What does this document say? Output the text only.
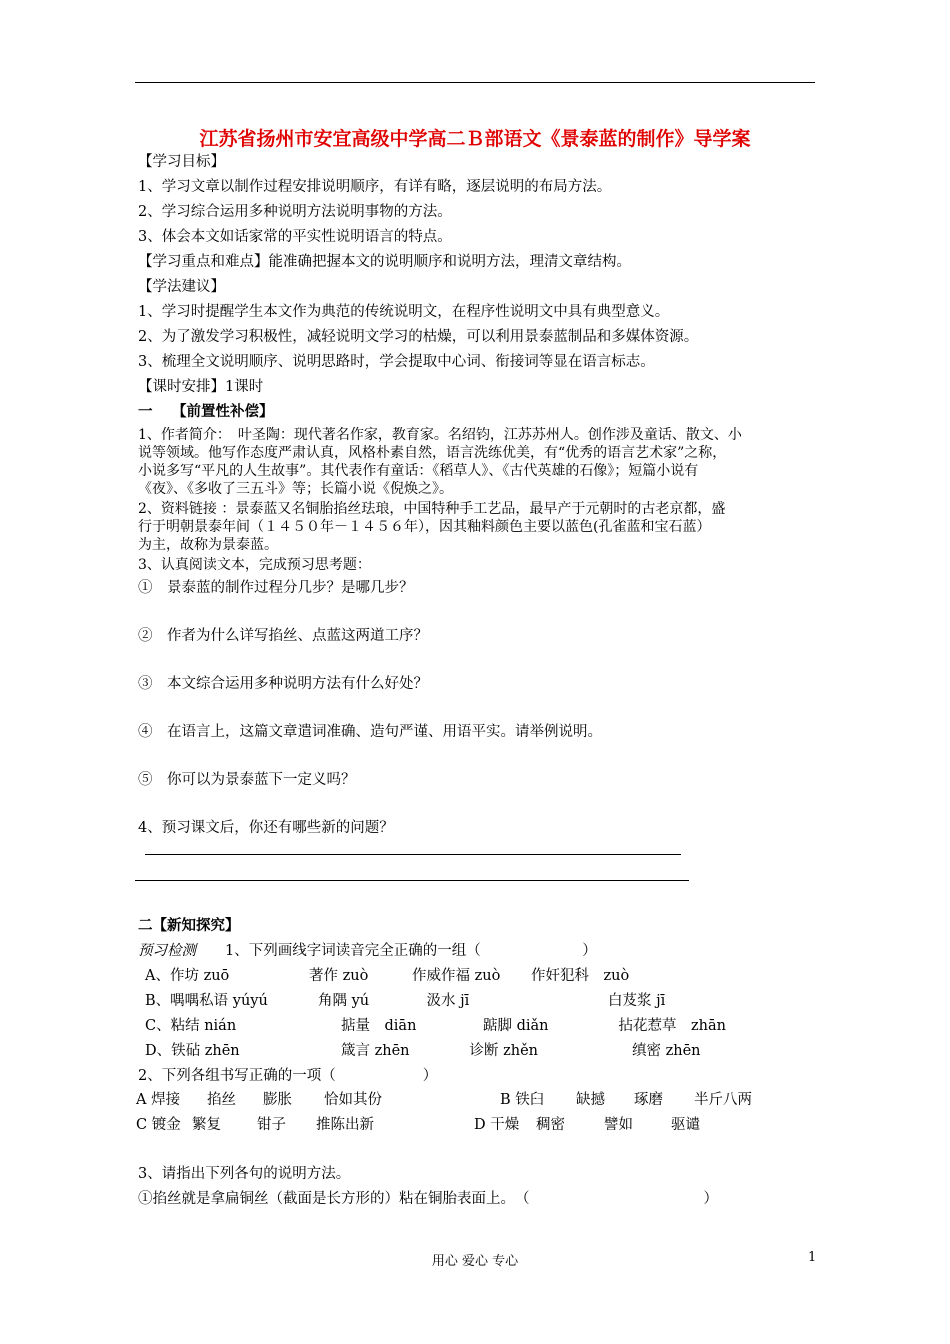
江苏省扬州市安宜高级中学高二Ｂ部语文《景泰蓝的制作》导学案
【学习目标】
1、学习文章以制作过程安排说明顺序，有详有略，逐层说明的布局方法。
2、学习综合运用多种说明方法说明事物的方法。
3、体会本文如话家常的平实性说明语言的特点。
【学习重点和难点】能准确把握本文的说明顺序和说明方法，理清文章结构。
【学法建议】
1、学习时提醒学生本文作为典范的传统说明文，在程序性说明文中具有典型意义。
2、为了激发学习积极性，减轻说明文学习的枯燥，可以利用景泰蓝制品和多媒体资源。
3、梳理全文说明顺序、说明思路时，学会提取中心词、衔接词等显在语言标志。
【课时安排】1课时
一　 【前置性补偿】
1、作者简介：　叶圣陶：现代著名作家，教育家。名绍钧，江苏苏州人。创作涉及童话、散文、小
说等领域。他写作态度严肃认真，风格朴素自然，语言洗练优美，有“优秀的语言艺术家”之称，
小说多写“平凡的人生故事”。其代表作有童话：《稻草人》、《古代英雄的石像》；短篇小说有
《夜》、《多收了三五斗》等；长篇小说《倪焕之》。
2、资料链接 ：景泰蓝又名铜胎掐丝珐琅，中国特种手工艺品，最早产于元朝时的古老京都，盛
行于明朝景泰年间（１４５０年－１４５６年），因其釉料颜色主要以蓝色(孔雀蓝和宝石蓝）
为主，故称为景泰蓝。
3、认真阅读文本，完成预习思考题：
①　景泰蓝的制作过程分几步？是哪几步？
②　作者为什么详写掐丝、点蓝这两道工序？
③　本文综合运用多种说明方法有什么好处？
④　在语言上，这篇文章遣词准确、造句严谨、用语平实。请举例说明。
⑤　你可以为景泰蓝下一定义吗？
4、预习课文后，你还有哪些新的问题？
二【新知探究】
预习检测　　1、下列画线字词读音完全正确的一组（　　　　　　　）
A、作坊 zuō	著作 zuò	作威作福 zuò 作奸犯科　zuò
B、喁喁私语 yúyú	角隅 yú	　汲水 jī	白芨浆 jī
C、粘结 nián	掂量　diān	踮脚 diǎn	　拈花惹草　zhān
D、铁砧 zhēn	箴言 zhēn	　诊断 zhěn	缜密 zhēn
2、下列各组书写正确的一项（　　　　　　）
A 焊接 掐丝 膨胀 恰如其份	B 铁臼 缺撼 琢磨 半斤八两
C 镀金 繁复 钳子 推陈出新	D 干燥 稠密	譬如	驱谴
3、请指出下列各句的说明方法。
①掐丝就是拿扁铜丝（截面是长方形的）粘在铜胎表面上。　（　　　　　　　　　　　　）
用心 爱心 专心	1
